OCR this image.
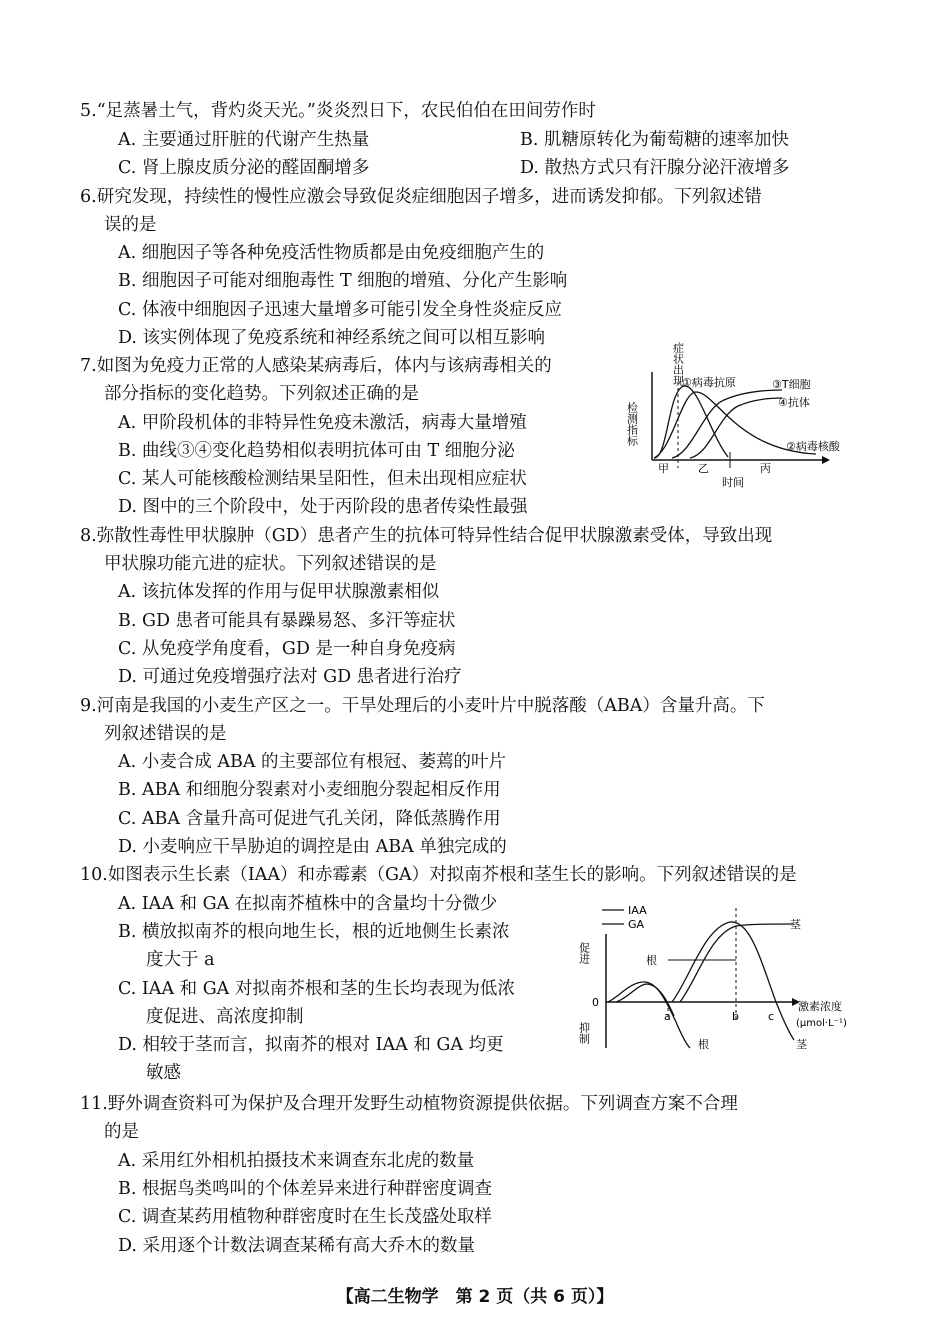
5.“足蒸暑土气，背灼炎天光。”炎炎烈日下，农民伯伯在田间劳作时
A. 主要通过肝脏的代谢产生热量	B. 肌糖原转化为葡萄糖的速率加快
C. 肾上腺皮质分泌的醛固酮增多	D. 散热方式只有汗腺分泌汗液增多
6.研究发现，持续性的慢性应激会导致促炎症细胞因子增多，进而诱发抑郁。下列叙述错
误的是
A. 细胞因子等各种免疫活性物质都是由免疫细胞产生的
B. 细胞因子可能对细胞毒性 T 细胞的增殖、分化产生影响
C. 体液中细胞因子迅速大量增多可能引发全身性炎症反应
D. 该实例体现了免疫系统和神经系统之间可以相互影响
7.如图为免疫力正常的人感染某病毒后，体内与该病毒相关的
部分指标的变化趋势。下列叙述正确的是
A. 甲阶段机体的非特异性免疫未激活，病毒大量增殖
B. 曲线③④变化趋势相似表明抗体可由 T 细胞分泌
C. 某人可能核酸检测结果呈阳性，但未出现相应症状
D. 图中的三个阶段中，处于丙阶段的患者传染性最强
症状出现
检测指标
①病毒抗原	③T细胞
④抗体
②病毒核酸
甲	乙	丙
时间
8.弥散性毒性甲状腺肿（GD）患者产生的抗体可特异性结合促甲状腺激素受体，导致出现
甲状腺功能亢进的症状。下列叙述错误的是
A. 该抗体发挥的作用与促甲状腺激素相似
B. GD 患者可能具有暴躁易怒、多汗等症状
C. 从免疫学角度看，GD 是一种自身免疫病
D. 可通过免疫增强疗法对 GD 患者进行治疗
9.河南是我国的小麦生产区之一。干旱处理后的小麦叶片中脱落酸（ABA）含量升高。下
列叙述错误的是
A. 小麦合成 ABA 的主要部位有根冠、萎蔫的叶片
B. ABA 和细胞分裂素对小麦细胞分裂起相反作用
C. ABA 含量升高可促进气孔关闭，降低蒸腾作用
D. 小麦响应干旱胁迫的调控是由 ABA 单独完成的
10.如图表示生长素（IAA）和赤霉素（GA）对拟南芥根和茎生长的影响。下列叙述错误的是
A. IAA 和 GA 在拟南芥植株中的含量均十分微少
B. 横放拟南芥的根向地生长，根的近地侧生长素浓
度大于 a
C. IAA 和 GA 对拟南芥根和茎的生长均表现为低浓
度促进、高浓度抑制
D. 相较于茎而言，拟南芥的根对 IAA 和 GA 均更
敏感
IAA
GA
促进
抑制
0
根
茎
a	b	c
根	茎
激素浓度
(μmol·L⁻¹)
11.野外调查资料可为保护及合理开发野生动植物资源提供依据。下列调查方案不合理
的是
A. 采用红外相机拍摄技术来调查东北虎的数量
B. 根据鸟类鸣叫的个体差异来进行种群密度调查
C. 调查某药用植物种群密度时在生长茂盛处取样
D. 采用逐个计数法调查某稀有高大乔木的数量
【高二生物学　第 2 页（共 6 页）】
